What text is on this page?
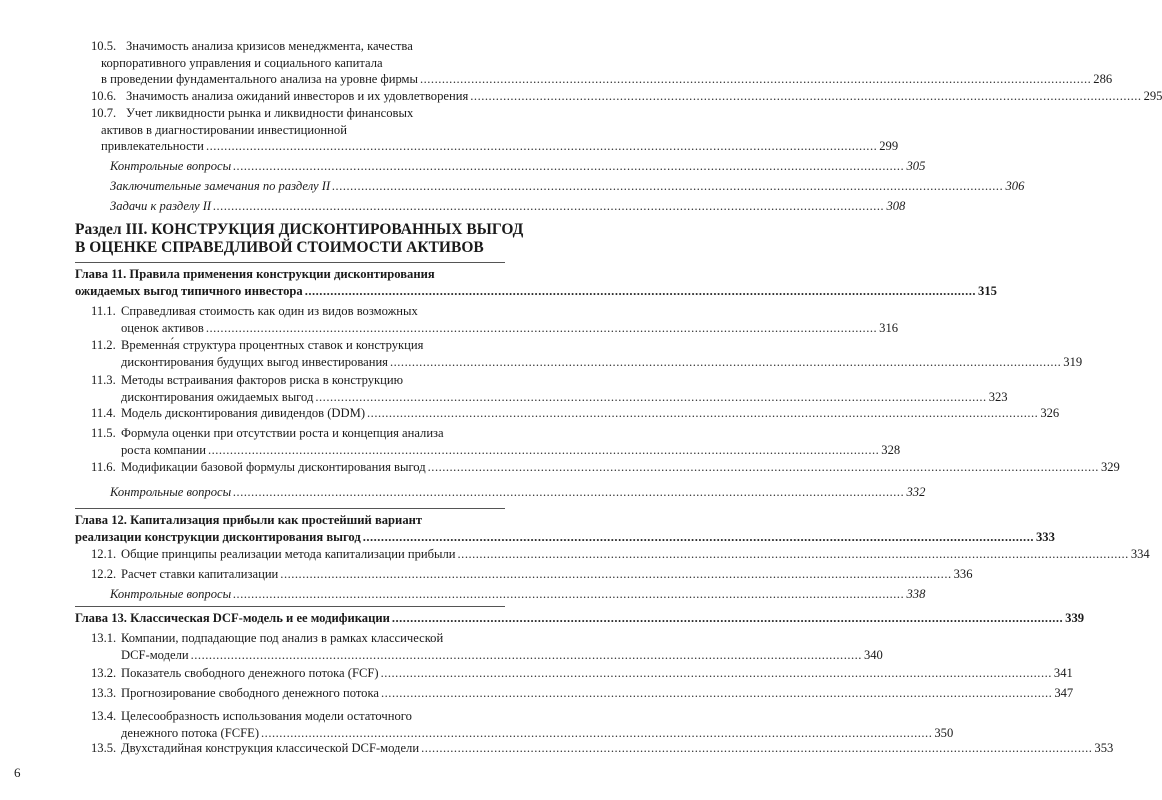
Раздел III. КОНСТРУКЦИЯ ДИСКОНТИРОВАННЫХ ВЫГОД
В ОЦЕНКЕ СПРАВЕДЛИВОЙ СТОИМОСТИ АКТИВОВ
6
10.5. Значимость анализа кризисов менеджмента, качества
корпоративного управления и социального капитала
в проведении фундаментального анализа на уровне фирмы .....	286
10.6. Значимость анализа ожиданий инвесторов и их удовлетворения .....	295
10.7. Учет ликвидности рынка и ликвидности финансовых
активов в диагностировании инвестиционной
привлекательности .....	299
Контрольные вопросы .....	305
Заключительные замечания по разделу II .....	306
Задачи к разделу II .....	308
Глава 11. Правила применения конструкции дисконтирования
ожидаемых выгод типичного инвестора .....	315
11.1. Справедливая стоимость как один из видов возможных
оценок активов .....	316
11.2. Временна́я структура процентных ставок и конструкция
дисконтирования будущих выгод инвестирования .....	319
11.3. Методы встраивания факторов риска в конструкцию
дисконтирования ожидаемых выгод .....	323
11.4. Модель дисконтирования дивидендов (DDM) .....	326
11.5. Формула оценки при отсутствии роста и концепция анализа
роста компании .....	328
11.6. Модификации базовой формулы дисконтирования выгод .....	329
Контрольные вопросы .....	332
Глава 12. Капитализация прибыли как простейший вариант
реализации конструкции дисконтирования выгод .....	333
12.1. Общие принципы реализации метода капитализации прибыли .....	334
12.2. Расчет ставки капитализации .....	336
Контрольные вопросы .....	338
Глава 13. Классическая DCF-модель и ее модификации .....	339
13.1. Компании, подпадающие под анализ в рамках классической
DCF-модели .....	340
13.2. Показатель свободного денежного потока (FCF) .....	341
13.3. Прогнозирование свободного денежного потока .....	347
13.4. Целесообразность использования модели остаточного
денежного потока (FCFE) .....	350
13.5. Двухстадийная конструкция классической DCF-модели .....	353
